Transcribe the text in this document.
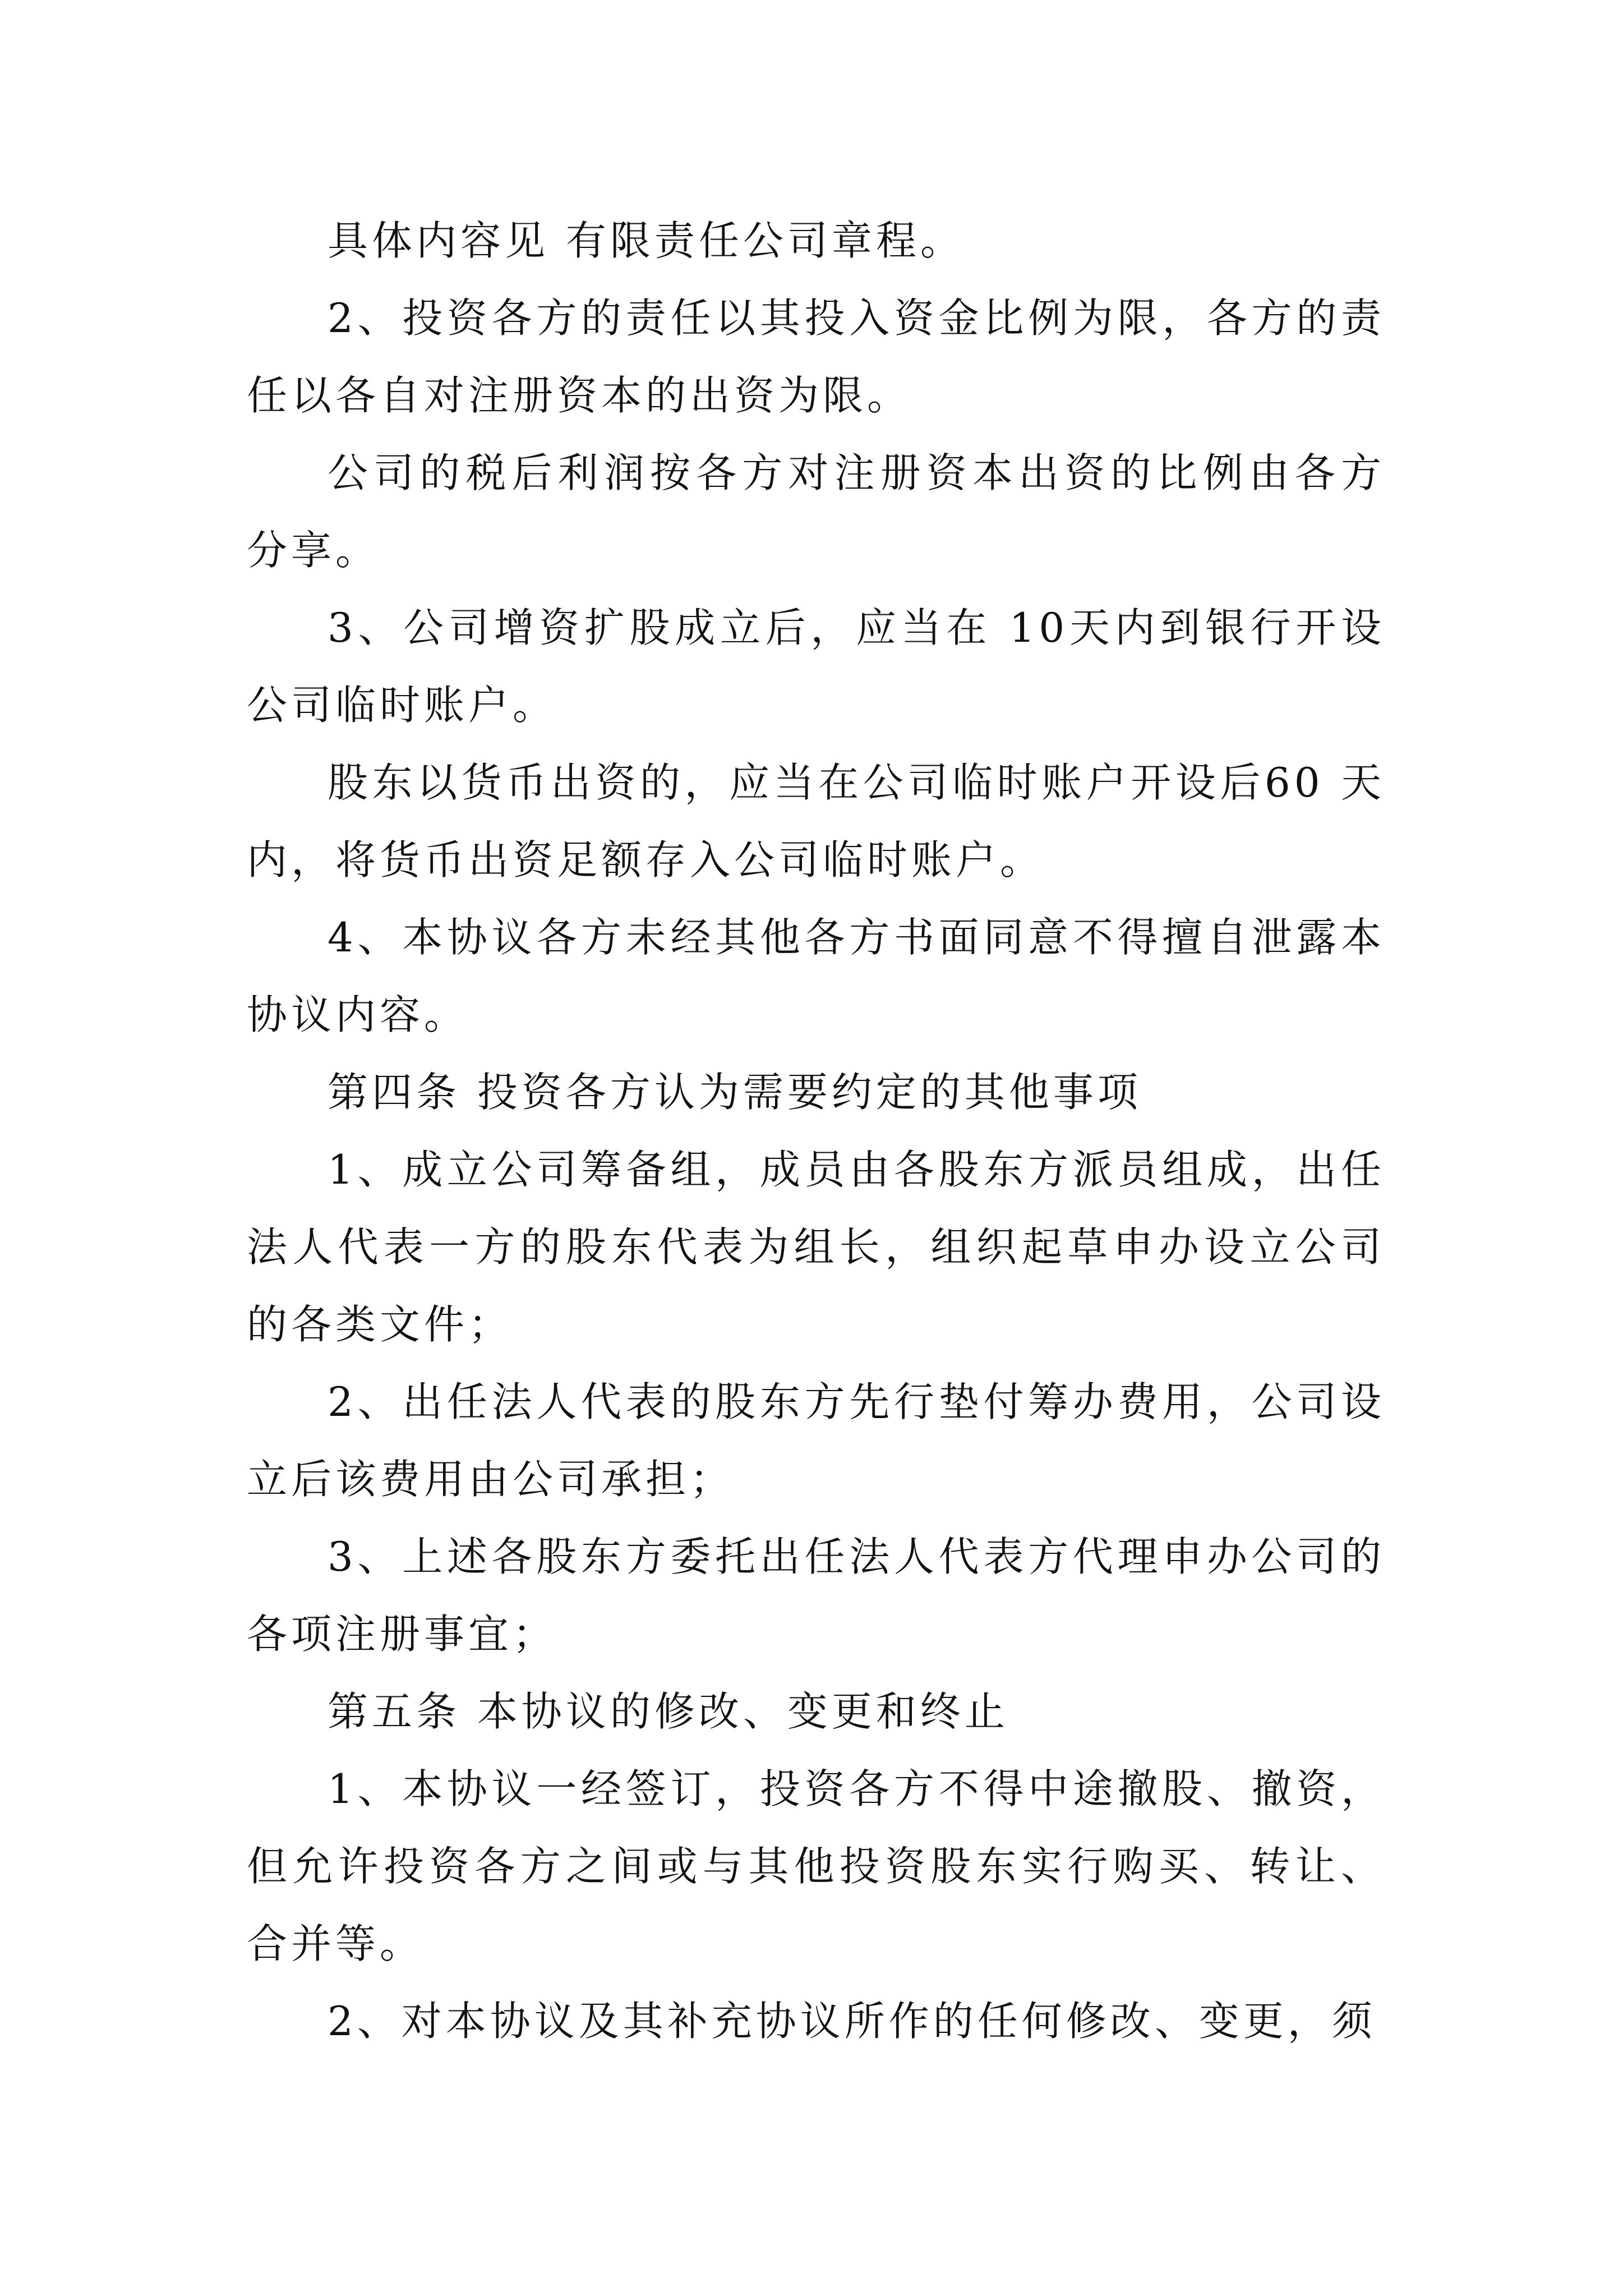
具体内容见 有限责任公司章程。

2、投资各方的责任以其投入资金比例为限，各方的责任以各自对注册资本的出资为限。

公司的税后利润按各方对注册资本出资的比例由各方分享。

3、公司增资扩股成立后，应当在 10天内到银行开设公司临时账户。

股东以货币出资的，应当在公司临时账户开设后60 天内，将货币出资足额存入公司临时账户。

4、本协议各方未经其他各方书面同意不得擅自泄露本协议内容。

第四条 投资各方认为需要约定的其他事项

1、成立公司筹备组，成员由各股东方派员组成，出任法人代表一方的股东代表为组长，组织起草申办设立公司的各类文件；

2、出任法人代表的股东方先行垫付筹办费用，公司设立后该费用由公司承担；

3、上述各股东方委托出任法人代表方代理申办公司的各项注册事宜；

第五条 本协议的修改、变更和终止

1、本协议一经签订，投资各方不得中途撤股、撤资，但允许投资各方之间或与其他投资股东实行购买、转让、合并等。

2、对本协议及其补充协议所作的任何修改、变更，须
